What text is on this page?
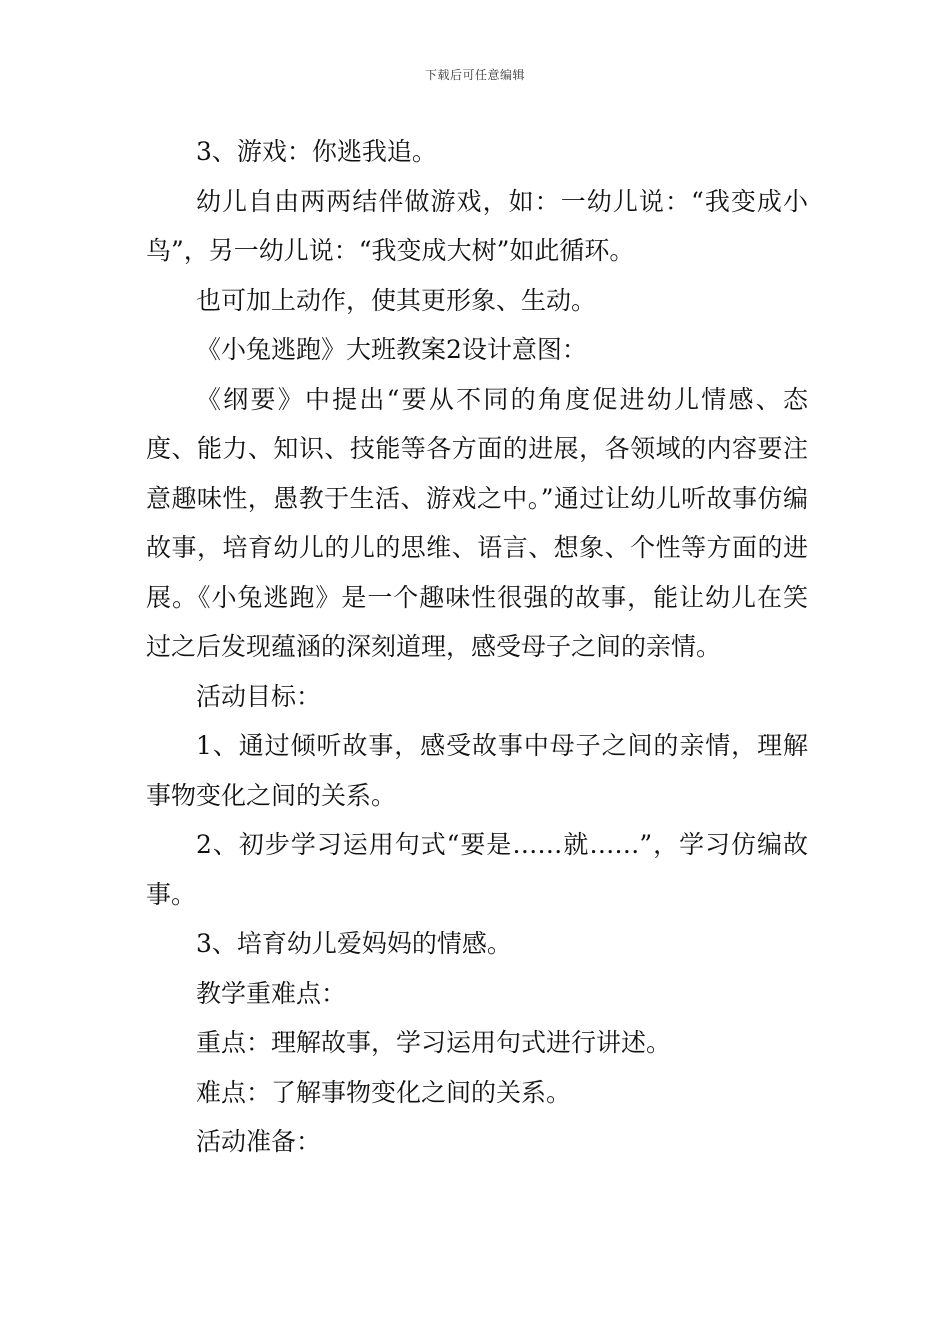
下载后可任意编辑

3、游戏：你逃我追。

幼儿自由两两结伴做游戏，如：一幼儿说：“我变成小鸟”，另一幼儿说：“我变成大树”如此循环。

也可加上动作，使其更形象、生动。

《小兔逃跑》大班教案2设计意图：

《纲要》中提出“要从不同的角度促进幼儿情感、态度、能力、知识、技能等各方面的进展，各领域的内容要注意趣味性，愚教于生活、游戏之中。”通过让幼儿听故事仿编故事，培育幼儿的儿的思维、语言、想象、个性等方面的进展。《小兔逃跑》是一个趣味性很强的故事，能让幼儿在笑过之后发现蕴涵的深刻道理，感受母子之间的亲情。

活动目标：

1、通过倾听故事，感受故事中母子之间的亲情，理解事物变化之间的关系。

2、初步学习运用句式“要是……就……”，学习仿编故事。

3、培育幼儿爱妈妈的情感。

教学重难点：

重点：理解故事，学习运用句式进行讲述。

难点：了解事物变化之间的关系。

活动准备：
